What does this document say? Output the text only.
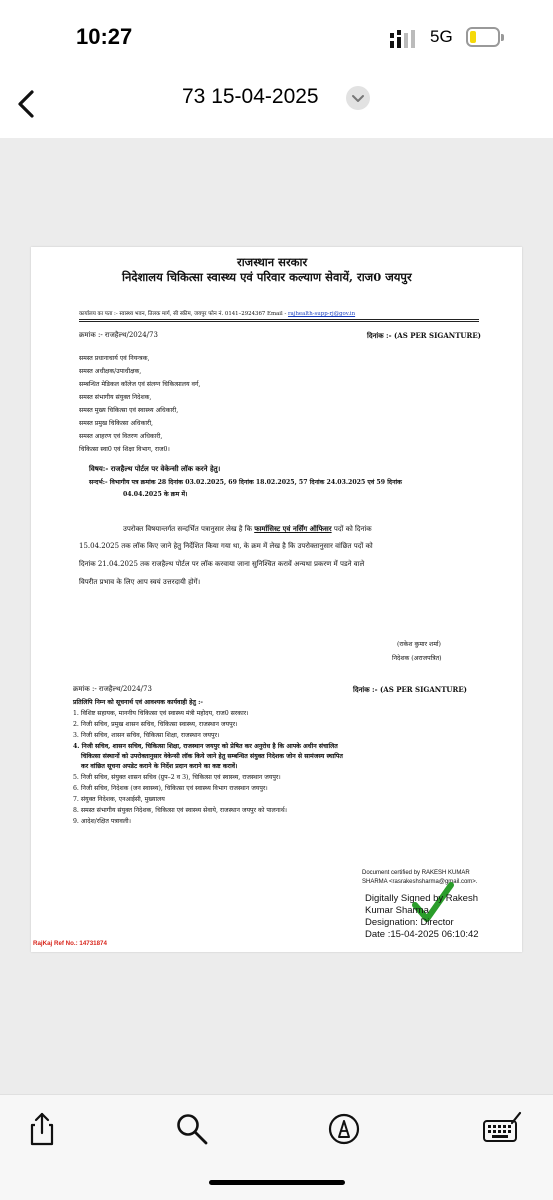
10:27	5G
73 15-04-2025
राजस्थान सरकार
निदेशालय चिकित्सा स्वास्थ्य एवं परिवार कल्याण सेवायें, राज0 जयपुर
कार्यालय का पता :- स्वास्थ्य भवन, तिलक मार्ग, सी स्कीम, जयपुर फोन नं. 0141–2924367 Email - rajhealth-supp-rj@gov.in
क्रमांक :- राजहैल्थ/2024/73	दिनांक :- (AS PER SIGANTURE)
समस्त प्रधानाचार्य एवं नियन्त्रक,
समस्त अधीक्षक/उपाधीक्षक,
सम्बन्धित मेडिकल कॉलेज एवं संलग्न चिकित्सालय वर्ग,
समस्त संभागीय संयुक्त निदेशक,
समस्त मुख्य चिकित्सा एवं स्वास्थ्य अधिकारी,
समस्त प्रमुख चिकित्सा अधिकारी,
समस्त आहरण एवं वितरण अधिकारी,
चिकित्सा स्वा0 एवं शिक्षा विभाग, राज0।
विषय:- राजहैल्थ पोर्टल पर वेकेन्सी लॉक करने हेतु।
सन्दर्भ:- विभागीय पत्र क्रमांक 28 दिनांक 03.02.2025, 69 दिनांक 18.02.2025, 57 दिनांक 24.03.2025 एवं 59 दिनांक
04.04.2025 के क्रम में।
उपरोक्त विषयान्तर्गत सन्दर्भित पत्रानुसार लेख है कि फार्मासिस्ट एवं नर्सिंग ऑफिसर पदों को दिनांक
15.04.2025 तक लॉक किए जाने हेतु निर्देशित किया गया था, के क्रम में लेख है कि उपरोक्तानुसार वांछित पदों को
दिनांक 21.04.2025 तक राजहैल्थ पोर्टल पर लॉक करवाया जाना सुनिश्चित करावें अन्यथा प्रकरण में पडने वाले
विपरीत प्रभाव के लिए आप स्वयं उत्तरदायी होगें।
(राकेश कुमार शर्मा)
निदेशक (अराजपत्रित)
क्रमांक :- राजहैल्थ/2024/73	दिनांक :- (AS PER SIGANTURE)
प्रतिलिपि निम्न को सूचनार्थ एवं आवश्यक कार्यवाही हेतु :-
1. विशिष्ट सहायक, माननीय चिकित्सा एवं स्वास्थ्य मंत्री महोदय, राज0 सरकार।
2. निजी सचिव, प्रमुख शासन सचिव, चिकित्सा स्वास्थ्य, राजस्थान जयपुर।
3. निजी सचिव, शासन सचिव, चिकित्सा शिक्षा, राजस्थान जयपुर।
4. निजी सचिव, शासन सचिव, चिकित्सा शिक्षा, राजस्थान जयपुर को प्रेषित कर अनुरोध है कि आपके अधीन संचालित
चिकित्सा संस्थानों को उपरोक्तानुसार वेकेन्सी लॉक किये जाने हेतु सम्बन्धित संयुक्त निदेशक जोन से सामंजस्य स्थापित
कर वांछित सूचना अपडेट कराने के निर्देश प्रदान कराने का कष्ट करावें।
5. निजी सचिव, संयुक्त शासन सचिव (ग्रुप–2 व 3), चिकित्सा एवं स्वास्थ्य, राजस्थान जयपुर।
6. निजी सचिव, निदेशक (जन स्वास्थ्य), चिकित्सा एवं स्वास्थ्य विभाग राजस्थान जयपुर।
7. संयुक्त निदेशक, एनआईसी, मुख्यालय
8. समस्त संभागीय संयुक्त निदेशक, चिकित्सा एवं स्वास्थ्य सेवाये, राजस्थान जयपुर को पालनार्थ।
9. आदेश/रक्षित पत्रावली।
Document certified by RAKESH KUMAR
SHARMA <rasrakeshsharma@gmail.com>.
Digitally Signed by Rakesh
Kumar Sharma
Designation: Director
Date :15-04-2025 06:10:42
RajKaj Ref No.: 14731874
